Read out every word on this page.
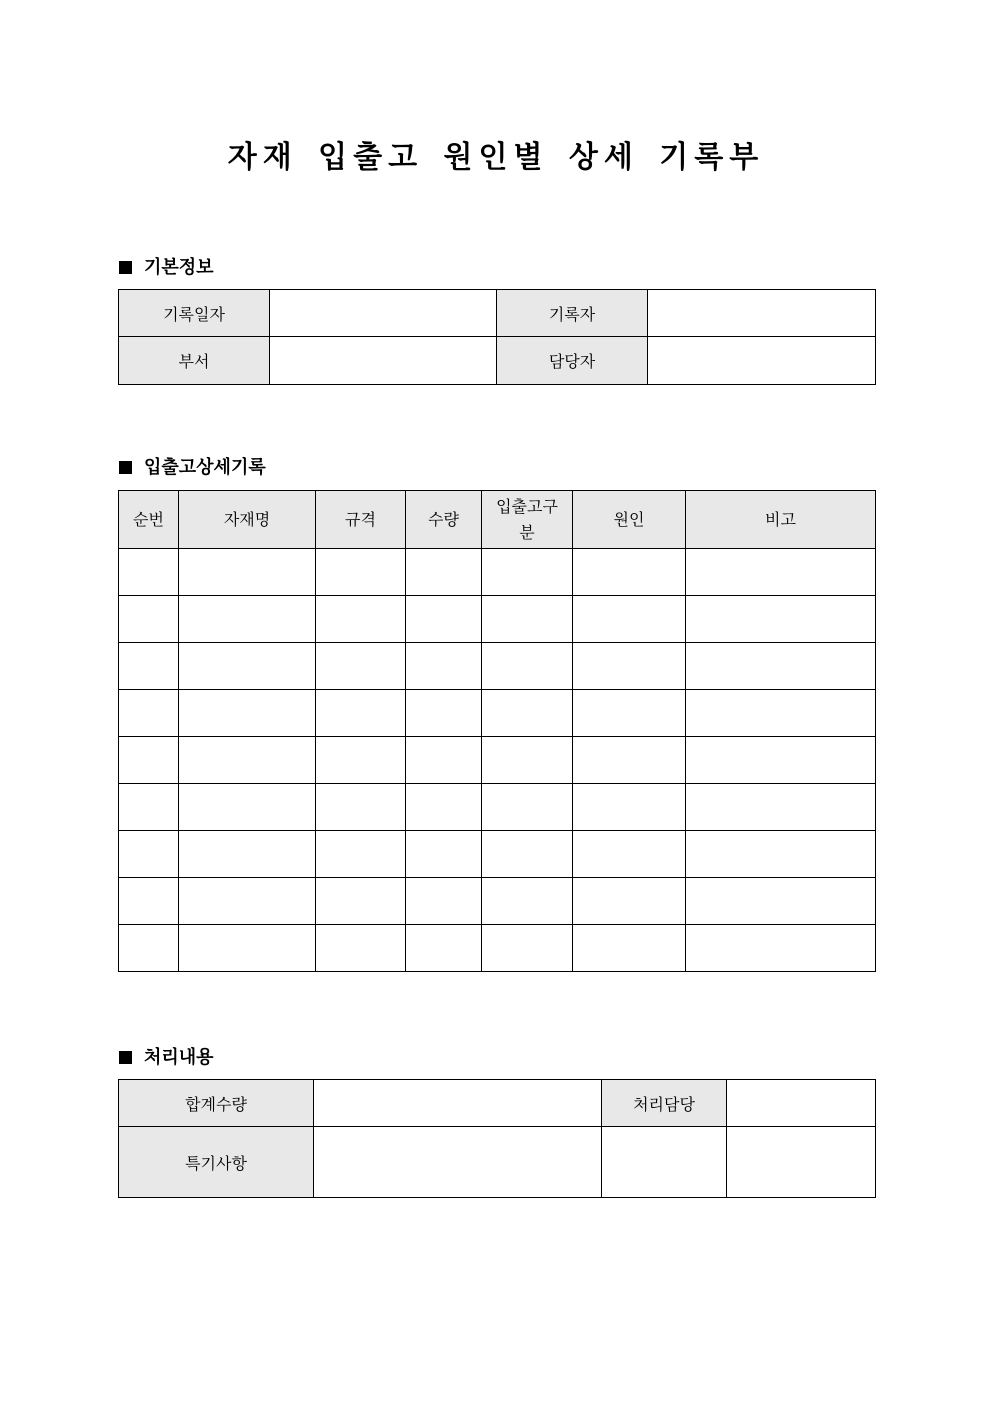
자재 입출고 원인별 상세 기록부
기본정보
기록일자		기록자	
부서		담당자	
입출고상세기록
순번	자재명	규격	수량	입출고구분	원인	비고

처리내용
합계수량		처리담당	
특기사항			
